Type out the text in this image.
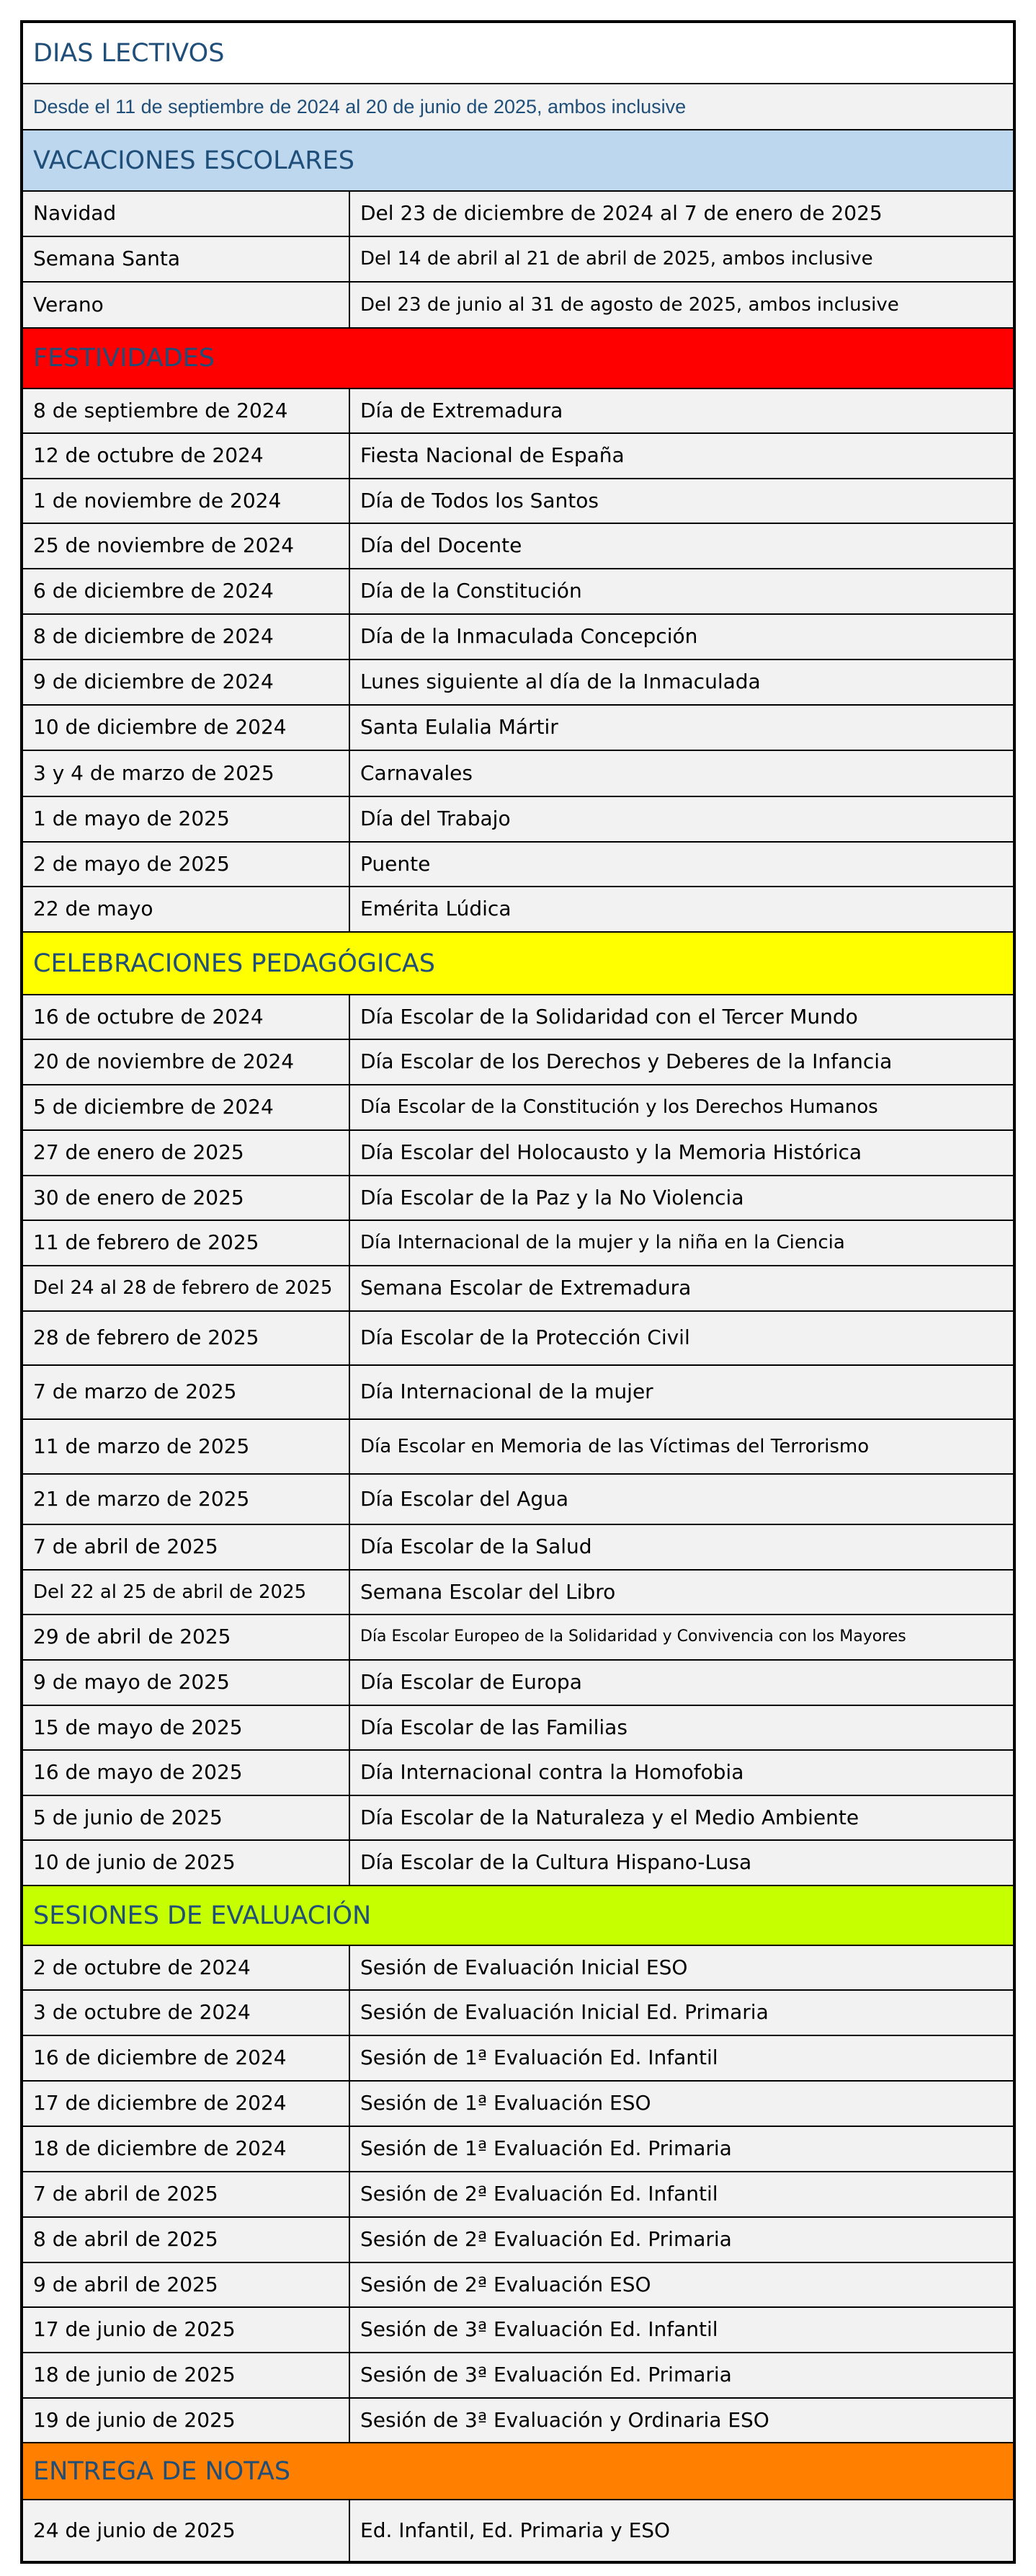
DIAS LECTIVOS
Desde el 11 de septiembre de 2024 al 20 de junio de 2025, ambos inclusive
VACACIONES ESCOLARES
Navidad	Del 23 de diciembre de 2024 al 7 de enero de 2025
Semana Santa	Del 14 de abril al 21 de abril de 2025, ambos inclusive
Verano	Del 23 de junio al 31 de agosto de 2025, ambos inclusive
FESTIVIDADES
8 de septiembre de 2024	Día de Extremadura
12 de octubre de 2024	Fiesta Nacional de España
1 de noviembre de 2024	Día de Todos los Santos
25 de noviembre de 2024	Día del Docente
6 de diciembre de 2024	Día de la Constitución
8 de diciembre de 2024	Día de la Inmaculada Concepción
9 de diciembre de 2024	Lunes siguiente al día de la Inmaculada
10 de diciembre de 2024	Santa Eulalia Mártir
3 y 4 de marzo de 2025	Carnavales
1 de mayo de 2025	Día del Trabajo
2 de mayo de 2025	Puente
22 de mayo	Emérita Lúdica
CELEBRACIONES PEDAGÓGICAS
16 de octubre de 2024	Día Escolar de la Solidaridad con el Tercer Mundo
20 de noviembre de 2024	Día Escolar de los Derechos y Deberes de la Infancia
5 de diciembre de 2024	Día Escolar de la Constitución y los Derechos Humanos
27 de enero de 2025	Día Escolar del Holocausto y la Memoria Histórica
30 de enero de 2025	Día Escolar de la Paz y la No Violencia
11 de febrero de 2025	Día Internacional de la mujer y la niña en la Ciencia
Del 24 al 28 de febrero de 2025	Semana Escolar de Extremadura
28 de febrero de 2025	Día Escolar de la Protección Civil
7 de marzo de 2025	Día Internacional de la mujer
11 de marzo de 2025	Día Escolar en Memoria de las Víctimas del Terrorismo
21 de marzo de 2025	Día Escolar del Agua
7 de abril de 2025	Día Escolar de la Salud
Del 22 al 25 de abril de 2025	Semana Escolar del Libro
29 de abril de 2025	Día Escolar Europeo de la Solidaridad y Convivencia con los Mayores
9 de mayo de 2025	Día Escolar de Europa
15 de mayo de 2025	Día Escolar de las Familias
16 de mayo de 2025	Día Internacional contra la Homofobia
5 de junio de 2025	Día Escolar de la Naturaleza y el Medio Ambiente
10 de junio de 2025	Día Escolar de la Cultura Hispano-Lusa
SESIONES DE EVALUACIÓN
2 de octubre de 2024	Sesión de Evaluación Inicial ESO
3 de octubre de 2024	Sesión de Evaluación Inicial Ed. Primaria
16 de diciembre de 2024	Sesión de 1ª Evaluación Ed. Infantil
17 de diciembre de 2024	Sesión de 1ª Evaluación ESO
18 de diciembre de 2024	Sesión de 1ª Evaluación Ed. Primaria
7 de abril de 2025	Sesión de 2ª Evaluación Ed. Infantil
8 de abril de 2025	Sesión de 2ª Evaluación Ed. Primaria
9 de abril de 2025	Sesión de 2ª Evaluación ESO
17 de junio de 2025	Sesión de 3ª Evaluación Ed. Infantil
18 de junio de 2025	Sesión de 3ª Evaluación Ed. Primaria
19 de junio de 2025	Sesión de 3ª Evaluación y Ordinaria ESO
ENTREGA DE NOTAS
24 de junio de 2025	Ed. Infantil, Ed. Primaria y ESO
